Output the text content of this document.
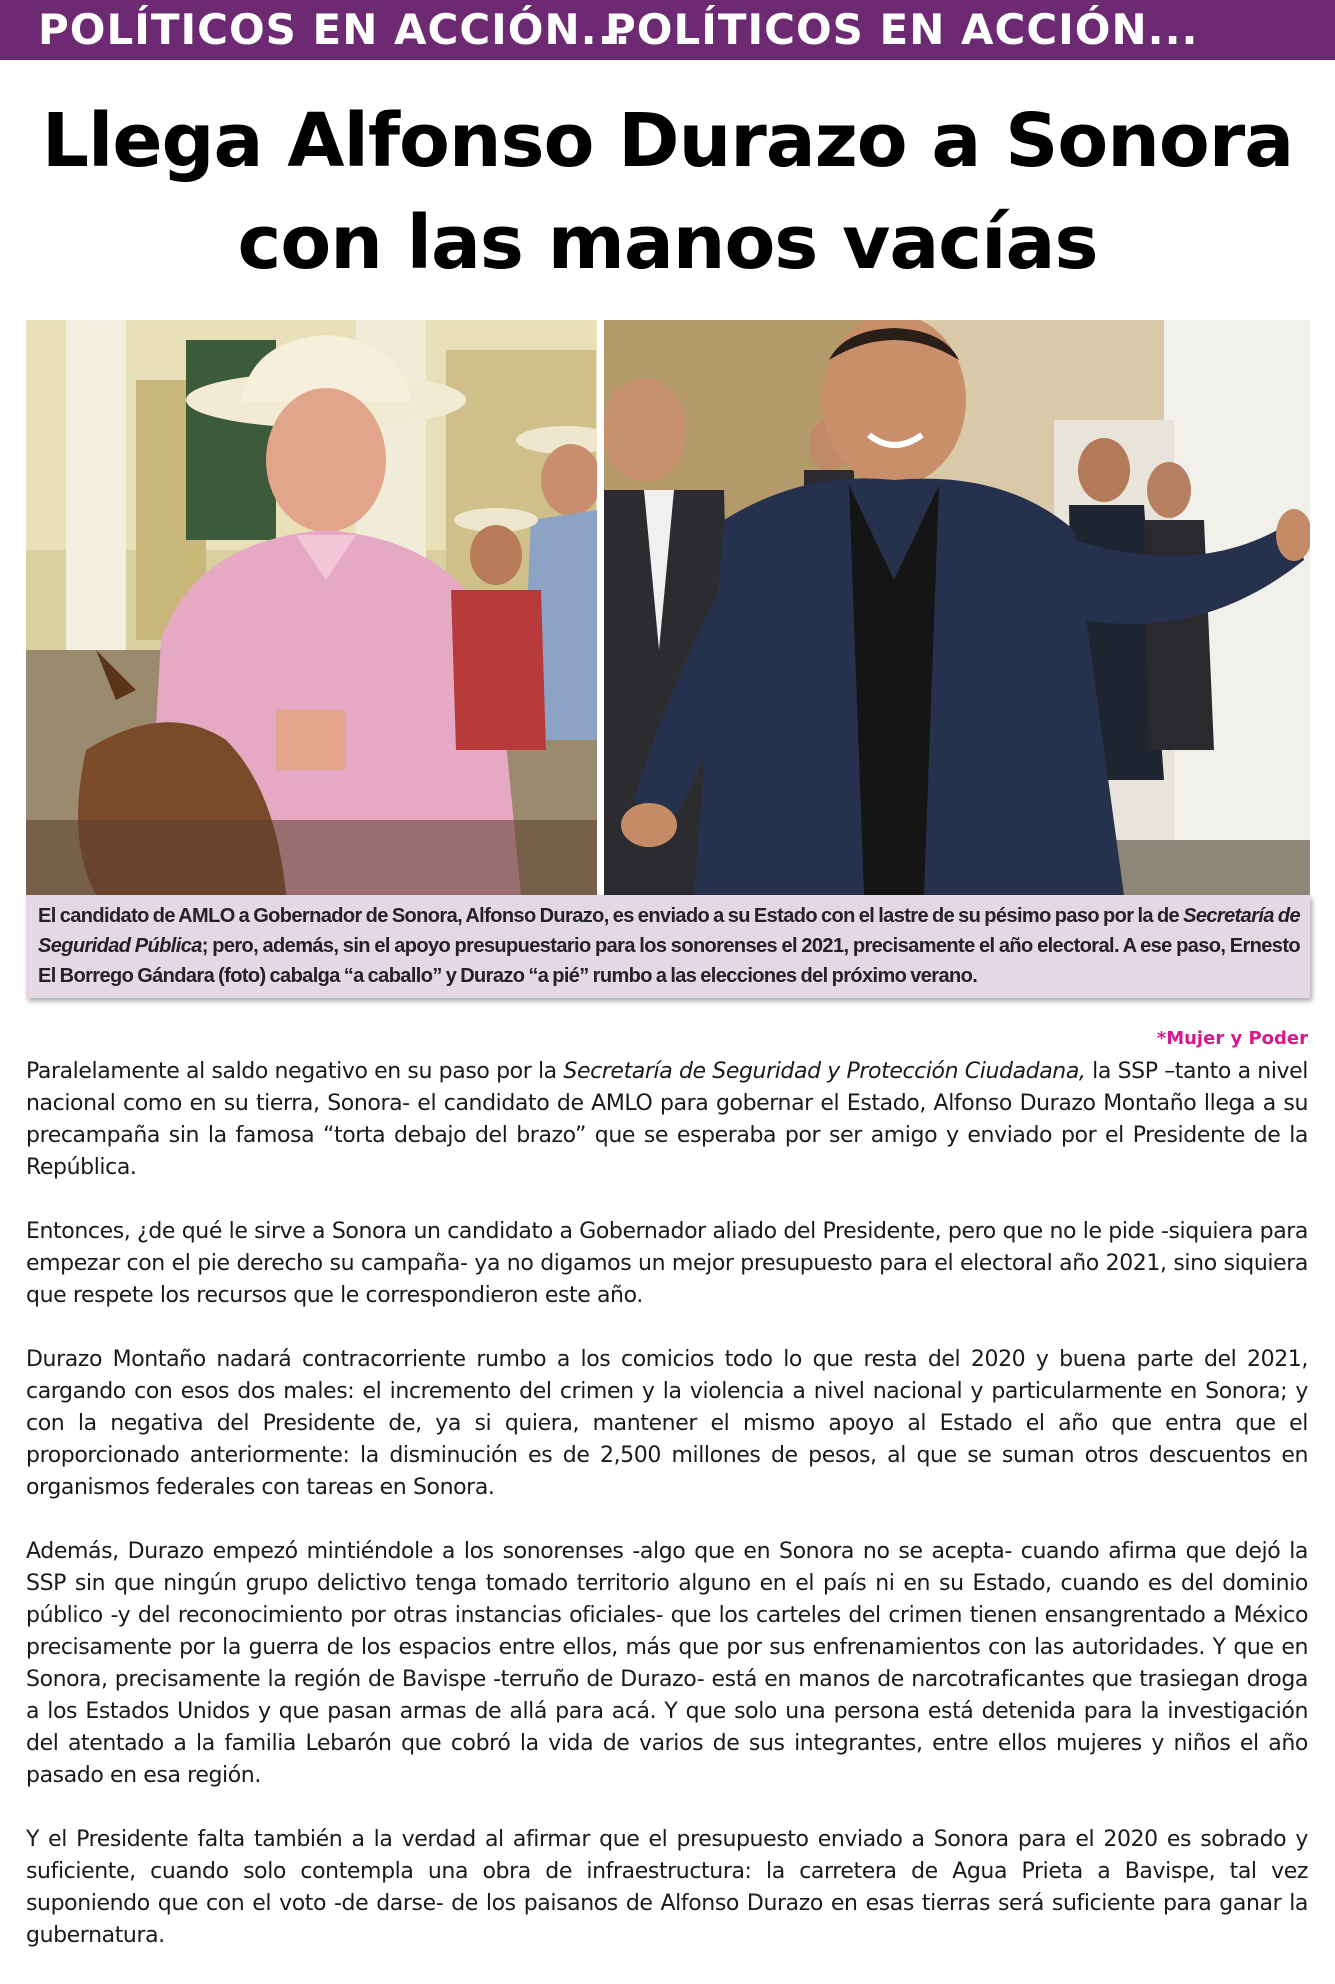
POLÍTICOS EN ACCIÓN...
POLÍTICOS EN ACCIÓN...
Llega Alfonso Durazo a Sonora
con las manos vacías
El candidato de AMLO a Gobernador de Sonora, Alfonso Durazo, es enviado a su Estado con el lastre de su pésimo paso por la de Secretaría de Seguridad Pública; pero, además, sin el apoyo presupuestario para los sonorenses el 2021, precisamente el año electoral. A ese paso, Ernesto El Borrego Gándara (foto) cabalga “a caballo” y Durazo “a pié” rumbo a las elecciones del próximo verano.
*Mujer y Poder

Paralelamente al saldo negativo en su paso por la Secretaría de Seguridad y Protección Ciudadana, la SSP –tanto a nivel nacional como en su tierra, Sonora- el candidato de AMLO para gobernar el Estado, Alfonso Durazo Montaño llega a su precampaña sin la famosa “torta debajo del brazo” que se esperaba por ser amigo y enviado por el Presidente de la República.

Entonces, ¿de qué le sirve a Sonora un candidato a Gobernador aliado del Presidente, pero que no le pide -siquiera para empezar con el pie derecho su campaña- ya no digamos un mejor presupuesto para el electoral año 2021, sino siquiera que respete los recursos que le correspondieron este año.

Durazo Montaño nadará contracorriente rumbo a los comicios todo lo que resta del 2020 y buena parte del 2021, cargando con esos dos males: el incremento del crimen y la violencia a nivel nacional y particularmente en Sonora; y con la negativa del Presidente de, ya si quiera, mantener el mismo apoyo al Estado el año que entra que el proporcionado anteriormente: la disminución es de 2,500 millones de pesos, al que se suman otros descuentos en organismos federales con tareas en Sonora.

Además, Durazo empezó mintiéndole a los sonorenses -algo que en Sonora no se acepta- cuando afirma que dejó la SSP sin que ningún grupo delictivo tenga tomado territorio alguno en el país ni en su Estado, cuando es del dominio público -y del reconocimiento por otras instancias oficiales- que los carteles del crimen tienen ensangrentado a México precisamente por la guerra de los espacios entre ellos, más que por sus enfrenamientos con las autoridades. Y que en Sonora, precisamente la región de Bavispe -terruño de Durazo- está en manos de narcotraficantes que trasiegan droga a los Estados Unidos y que pasan armas de allá para acá. Y que solo una persona está detenida para la investigación del atentado a la familia Lebarón que cobró la vida de varios de sus integrantes, entre ellos mujeres y niños el año pasado en esa región.

Y el Presidente falta también a la verdad al afirmar que el presupuesto enviado a Sonora para el 2020 es sobrado y suficiente, cuando solo contempla una obra de infraestructura: la carretera de Agua Prieta a Bavispe, tal vez suponiendo que con el voto -de darse- de los paisanos de Alfonso Durazo en esas tierras será suficiente para ganar la gubernatura.
